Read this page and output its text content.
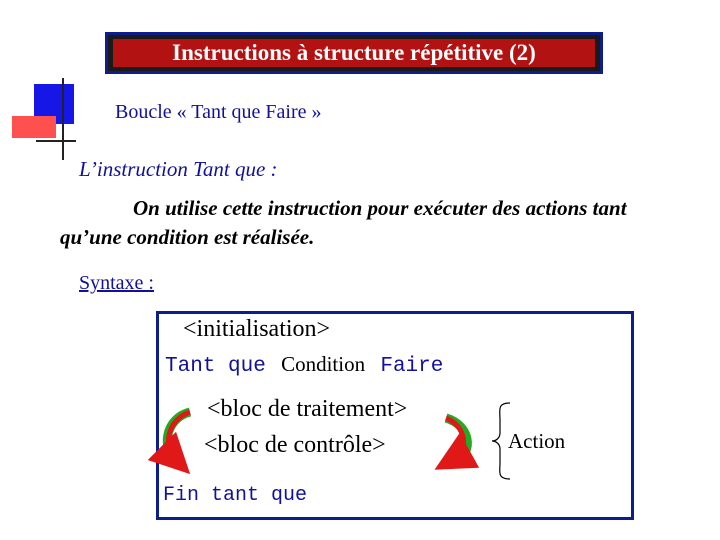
Instructions à structure répétitive (2)
Boucle « Tant que Faire »
L’instruction Tant que :
On utilise cette instruction pour exécuter des actions tant qu’une condition est réalisée.
Syntaxe :
<initialisation>
Tant que Condition Faire
<bloc de traitement>
<bloc de contrôle>
Fin tant que
Action
